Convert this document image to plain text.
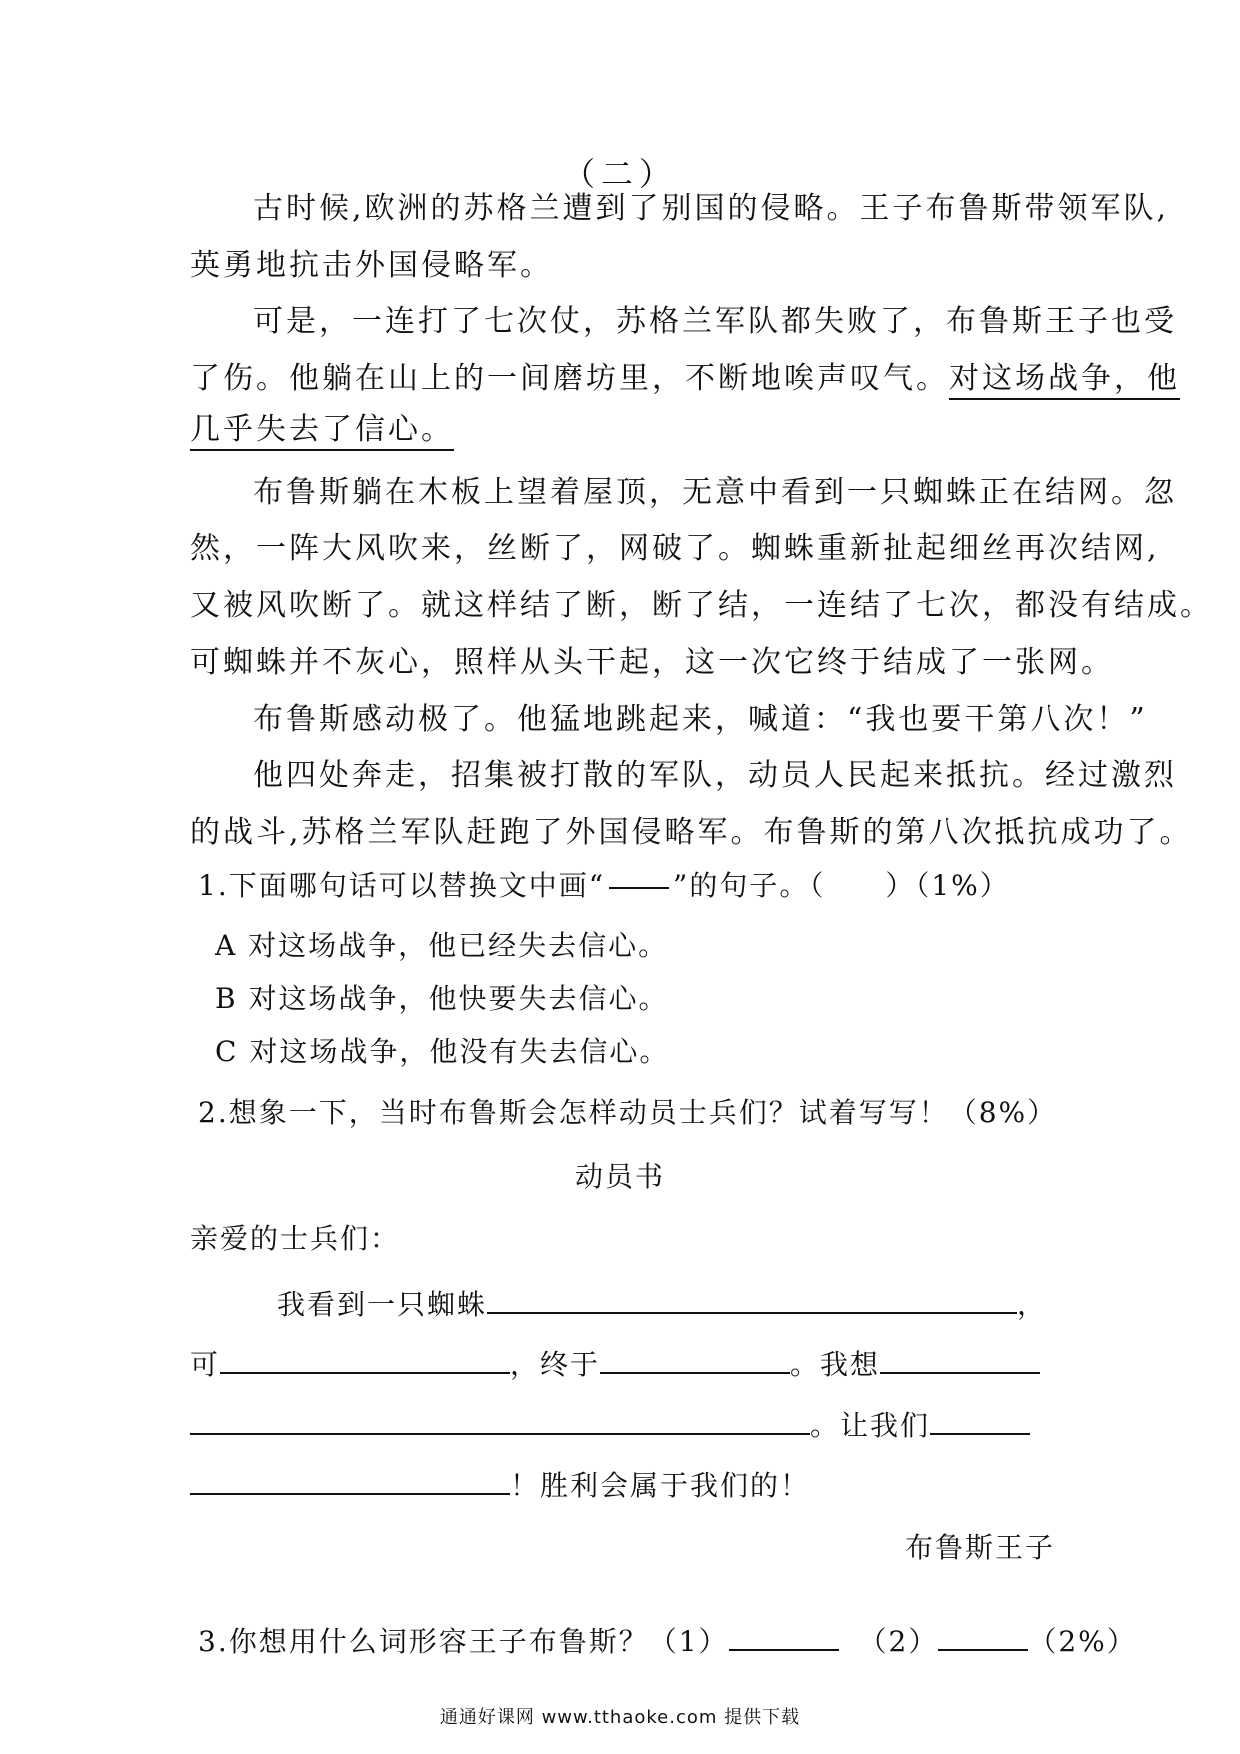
（二）
古时候,欧洲的苏格兰遭到了别国的侵略。王子布鲁斯带领军队,
英勇地抗击外国侵略军。
可是，一连打了七次仗，苏格兰军队都失败了，布鲁斯王子也受
了伤。他躺在山上的一间磨坊里，不断地唉声叹气。对这场战争，他
几乎失去了信心。
布鲁斯躺在木板上望着屋顶，无意中看到一只蜘蛛正在结网。忽
然，一阵大风吹来，丝断了，网破了。蜘蛛重新扯起细丝再次结网,
又被风吹断了。就这样结了断，断了结，一连结了七次，都没有结成。
可蜘蛛并不灰心，照样从头干起，这一次它终于结成了一张网。
布鲁斯感动极了。他猛地跳起来，喊道：“我也要干第八次！”
他四处奔走，招集被打散的军队，动员人民起来抵抗。经过激烈
的战斗,苏格兰军队赶跑了外国侵略军。布鲁斯的第八次抵抗成功了。
1.下面哪句话可以替换文中画“ ”的句子。（　　）（1%）
A 对这场战争，他已经失去信心。
B 对这场战争，他快要失去信心。
C 对这场战争，他没有失去信心。
2.想象一下，当时布鲁斯会怎样动员士兵们？试着写写！（8%）
动员书
亲爱的士兵们：
我看到一只蜘蛛	，
可	，终于	。我想
。让我们
！胜利会属于我们的！
布鲁斯王子
通通好课网 www.tthaoke.com 提供下载
3.你想用什么词形容王子布鲁斯？（1）	（2）	（2%）
